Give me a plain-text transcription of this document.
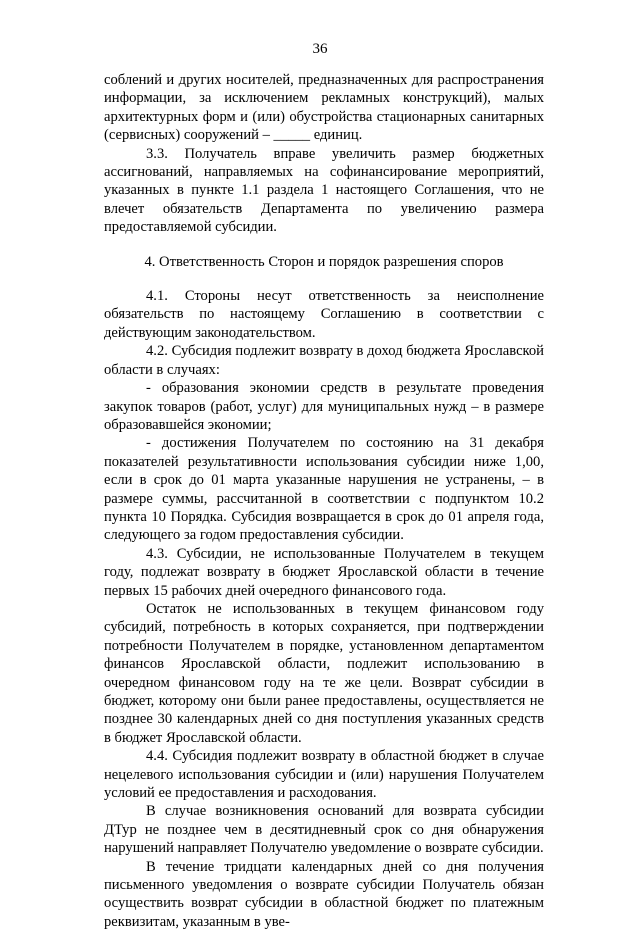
36

соблений и других носителей, предназначенных для распространения информации, за исключением рекламных конструкций), малых архитектурных форм и (или) обустройства стационарных санитарных (сервисных) сооружений – _____ единиц.

3.3. Получатель вправе увеличить размер бюджетных ассигнований, направляемых на софинансирование мероприятий, указанных в пункте 1.1 раздела 1 настоящего Соглашения, что не влечет обязательств Департамента по увеличению размера предоставляемой субсидии.

4. Ответственность Сторон и порядок разрешения споров

4.1. Стороны несут ответственность за неисполнение обязательств по настоящему Соглашению в соответствии с действующим законодательством.

4.2. Субсидия подлежит возврату в доход бюджета Ярославской области в случаях:

- образования экономии средств в результате проведения закупок товаров (работ, услуг) для муниципальных нужд – в размере образовавшейся экономии;

- достижения Получателем по состоянию на 31 декабря показателей результативности использования субсидии ниже 1,00, если в срок до 01 марта указанные нарушения не устранены, – в размере суммы, рассчитанной в соответствии с подпунктом 10.2 пункта 10 Порядка. Субсидия возвращается в срок до 01 апреля года, следующего за годом предоставления субсидии.

4.3. Субсидии, не использованные Получателем в текущем году, подлежат возврату в бюджет Ярославской области в течение первых 15 рабочих дней очередного финансового года.

Остаток не использованных в текущем финансовом году субсидий, потребность в которых сохраняется, при подтверждении потребности Получателем в порядке, установленном департаментом финансов Ярославской области, подлежит использованию в очередном финансовом году на те же цели. Возврат субсидии в бюджет, которому они были ранее предоставлены, осуществляется не позднее 30 календарных дней со дня поступления указанных средств в бюджет Ярославской области.

4.4. Субсидия подлежит возврату в областной бюджет в случае нецелевого использования субсидии и (или) нарушения Получателем условий ее предоставления и расходования.

В случае возникновения оснований для возврата субсидии ДТур не позднее чем в десятидневный срок со дня обнаружения нарушений направляет Получателю уведомление о возврате субсидии.

В течение тридцати календарных дней со дня получения письменного уведомления о возврате субсидии Получатель обязан осуществить возврат субсидии в областной бюджет по платежным реквизитам, указанным в уве-
